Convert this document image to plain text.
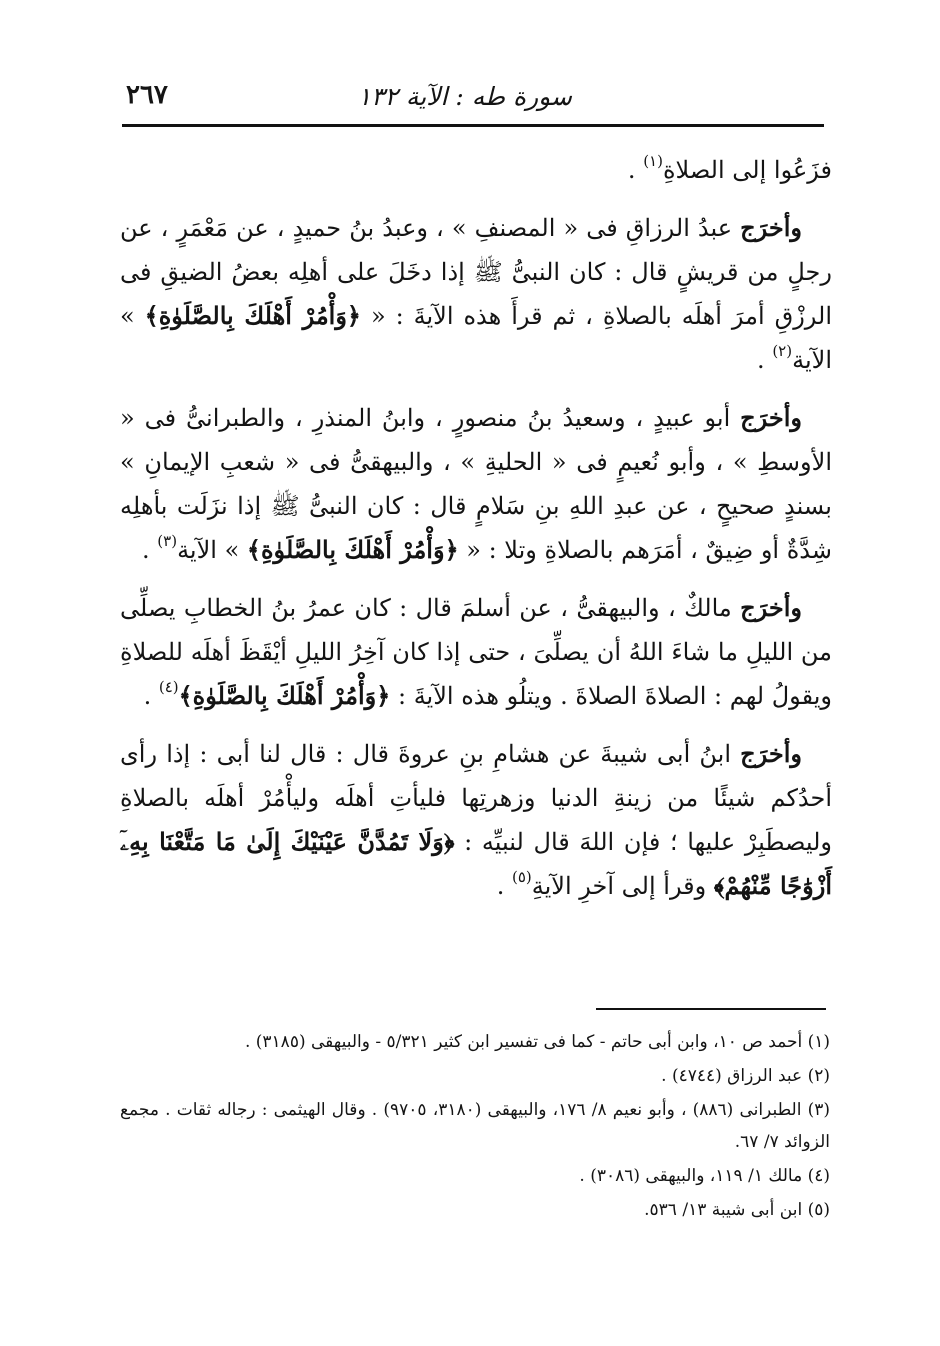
سورة طه : الآية ١٣٢
٢٦٧

فزَعُوا إلى الصلاةِ$^{(١)}$ .

وأخرَج عبدُ الرزاقِ فى « المصنفِ » ، وعبدُ بنُ حميدٍ ، عن مَعْمَرٍ ، عن رجلٍ من قريشٍ قال : كان النبىُّ ﷺ إذا دخَلَ على أهلِه بعضُ الضيقِ فى الرزْقِ أمرَ أهلَه بالصلاةِ ، ثم قرأَ هذه الآيةَ : « ﴿وَأْمُرْ أَهْلَكَ بِالصَّلَوٰةِ﴾ » الآية$^{(٢)}$ .

وأخرَج أبو عبيدٍ ، وسعيدُ بنُ منصورٍ ، وابنُ المنذرِ ، والطبرانىُّ فى « الأوسطِ » ، وأبو نُعيمٍ فى « الحليةِ » ، والبيهقىُّ فى « شعبِ الإيمانِ » بسندٍ صحيحٍ ، عن عبدِ اللهِ بنِ سَلامٍ قال : كان النبىُّ ﷺ إذا نزَلَت بأهلِه شِدَّةٌ أو ضِيقٌ ، أمَرَهم بالصلاةِ وتلا : « ﴿وَأْمُرْ أَهْلَكَ بِالصَّلَوٰةِ﴾ » الآية$^{(٣)}$ .

وأخرَج مالكٌ ، والبيهقىُّ ، عن أسلمَ قال : كان عمرُ بنُ الخطابِ يصلِّى من الليلِ ما شاءَ اللهُ أن يصلِّىَ ، حتى إذا كان آخِرُ الليلِ أيْقَظَ أهلَه للصلاةِ ويقولُ لهم : الصلاةَ الصلاةَ . ويتلُو هذه الآيةَ : ﴿وَأْمُرْ أَهْلَكَ بِالصَّلَوٰةِ﴾$^{(٤)}$ .

وأخرَج ابنُ أبى شيبةَ عن هشامِ بنِ عروةَ قال : قال لنا أبى : إذا رأى أحدُكم شيئًا من زينةِ الدنيا وزهرتِها فليأتِ أهلَه وليأْمُرْ أهلَه بالصلاةِ وليصطَبِرْ عليها ؛ فإن اللهَ قال لنبيِّه : ﴿وَلَا تَمُدَّنَّ عَيْنَيْكَ إِلَىٰ مَا مَتَّعْنَا بِهِۦٓ أَزْوَٰجًا مِّنْهُمْ﴾ وقرأ إلى آخرِ الآيةِ$^{(٥)}$ .

(١) أحمد ص ١٠، وابن أبى حاتم - كما فى تفسير ابن كثير ٥/٣٢١ - والبيهقى (٣١٨٥) .
(٢) عبد الرزاق (٤٧٤٤) .
(٣) الطبرانى (٨٨٦) ، وأبو نعيم ٨/ ١٧٦، والبيهقى (٣١٨٠، ٩٧٠٥) . وقال الهيثمى : رجاله ثقات . مجمع الزوائد ٧/ ٦٧.
(٤) مالك ١/ ١١٩، والبيهقى (٣٠٨٦) .
(٥) ابن أبى شيبة ١٣/ ٥٣٦.
